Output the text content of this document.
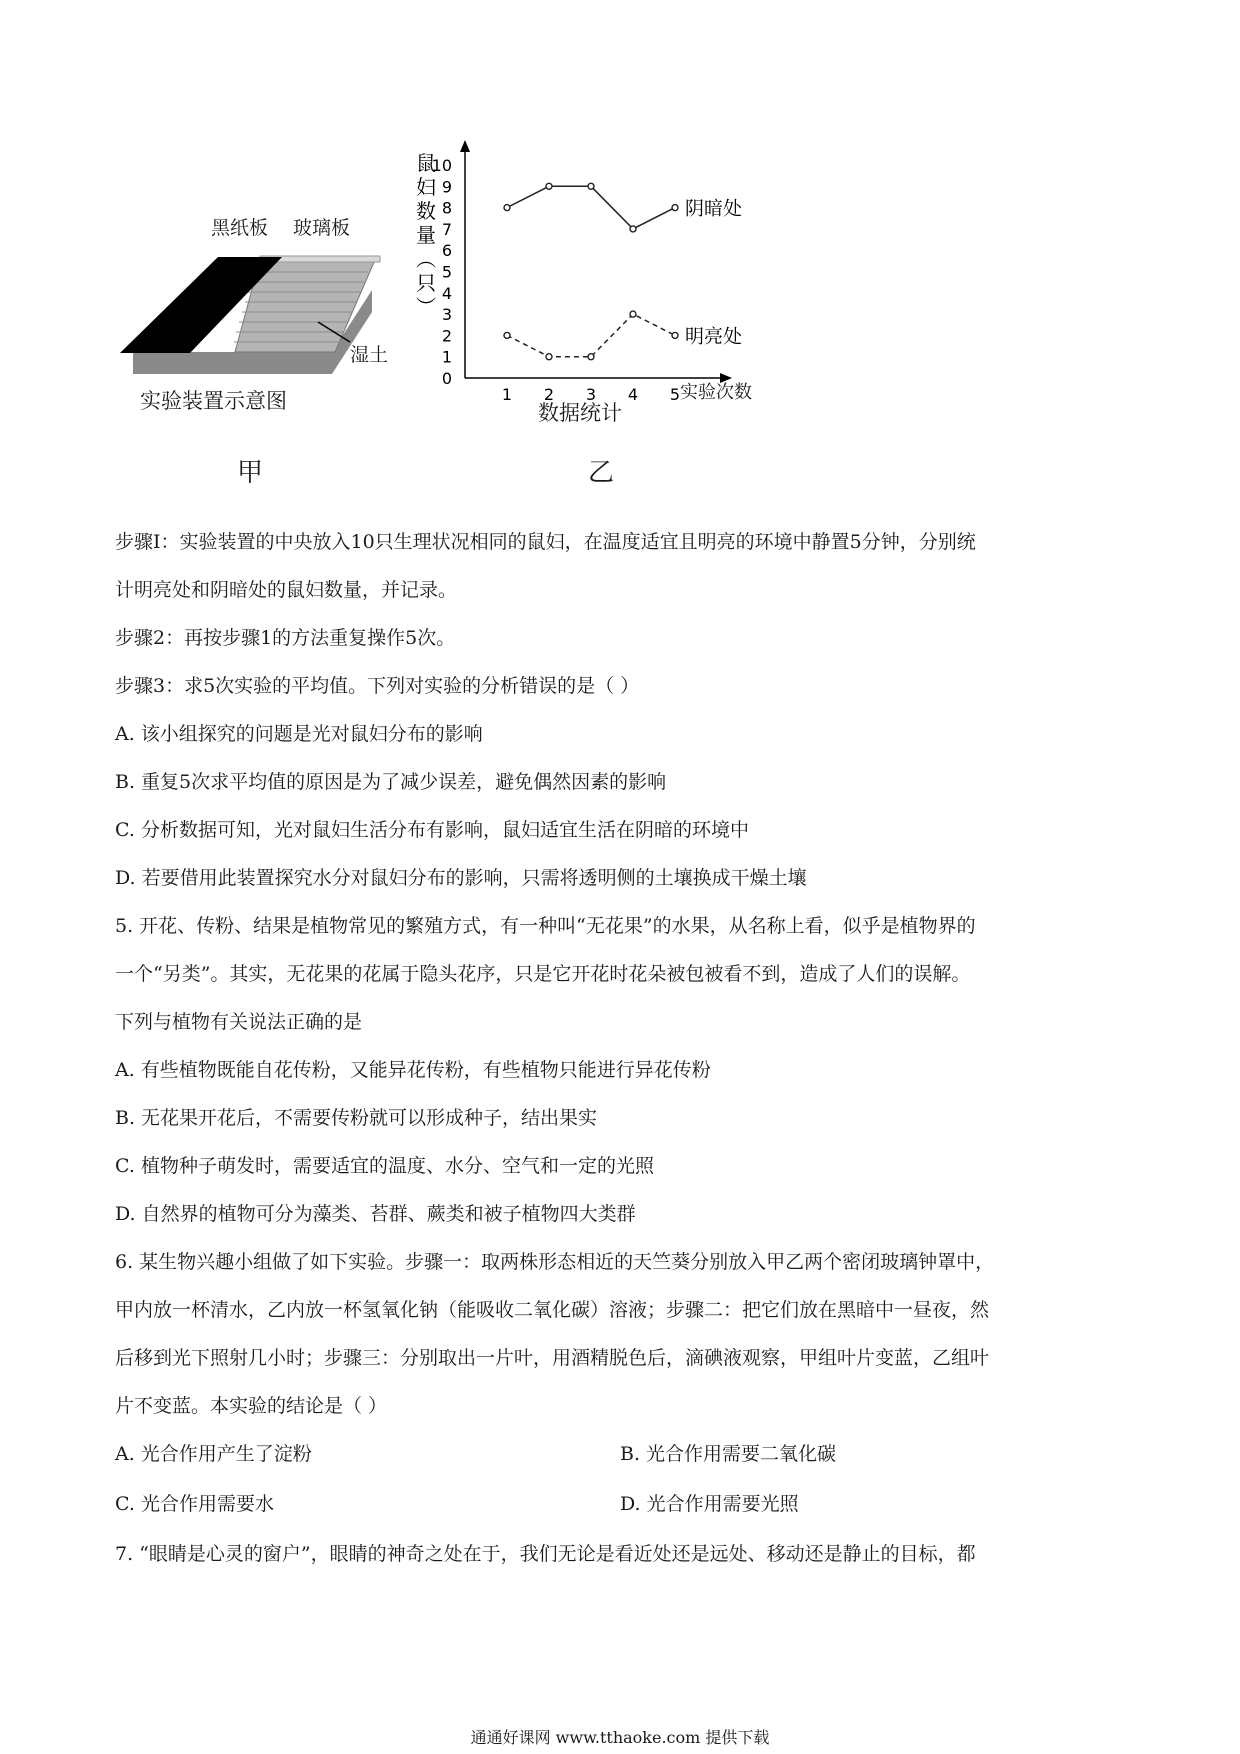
0
1
2
3
4
5
6
7
8
9
10
1 2 3 4 5
阴暗处
明亮处
鼠妇数量︵只︶
黑纸板 玻璃板
湿土
实验装置示意图
甲
数据统计
实验次数
乙
步骤I：实验装置的中央放入10只生理状况相同的鼠妇，在温度适宜且明亮的环境中静置5分钟，分别统
计明亮处和阴暗处的鼠妇数量，并记录。
步骤2：再按步骤1的方法重复操作5次。
步骤3：求5次实验的平均值。下列对实验的分析错误的是（ ）
A. 该小组探究的问题是光对鼠妇分布的影响
B. 重复5次求平均值的原因是为了减少误差，避免偶然因素的影响
C. 分析数据可知，光对鼠妇生活分布有影响，鼠妇适宜生活在阴暗的环境中
D. 若要借用此装置探究水分对鼠妇分布的影响，只需将透明侧的土壤换成干燥土壤
5. 开花、传粉、结果是植物常见的繁殖方式，有一种叫“无花果”的水果，从名称上看，似乎是植物界的
一个“另类”。其实，无花果的花属于隐头花序，只是它开花时花朵被包被看不到，造成了人们的误解。
下列与植物有关说法正确的是
A. 有些植物既能自花传粉，又能异花传粉，有些植物只能进行异花传粉
B. 无花果开花后，不需要传粉就可以形成种子，结出果实
C. 植物种子萌发时，需要适宜的温度、水分、空气和一定的光照
D. 自然界的植物可分为藻类、苔群、蕨类和被子植物四大类群
6. 某生物兴趣小组做了如下实验。步骤一：取两株形态相近的天竺葵分别放入甲乙两个密闭玻璃钟罩中，
甲内放一杯清水，乙内放一杯氢氧化钠（能吸收二氧化碳）溶液；步骤二：把它们放在黑暗中一昼夜，然
后移到光下照射几小时；步骤三：分别取出一片叶，用酒精脱色后，滴碘液观察，甲组叶片变蓝，乙组叶
片不变蓝。本实验的结论是（ ）
A. 光合作用产生了淀粉	B. 光合作用需要二氧化碳
C. 光合作用需要水	D. 光合作用需要光照
7. “眼睛是心灵的窗户”，眼睛的神奇之处在于，我们无论是看近处还是远处、移动还是静止的目标，都
通通好课网 www.tthaoke.com 提供下载
